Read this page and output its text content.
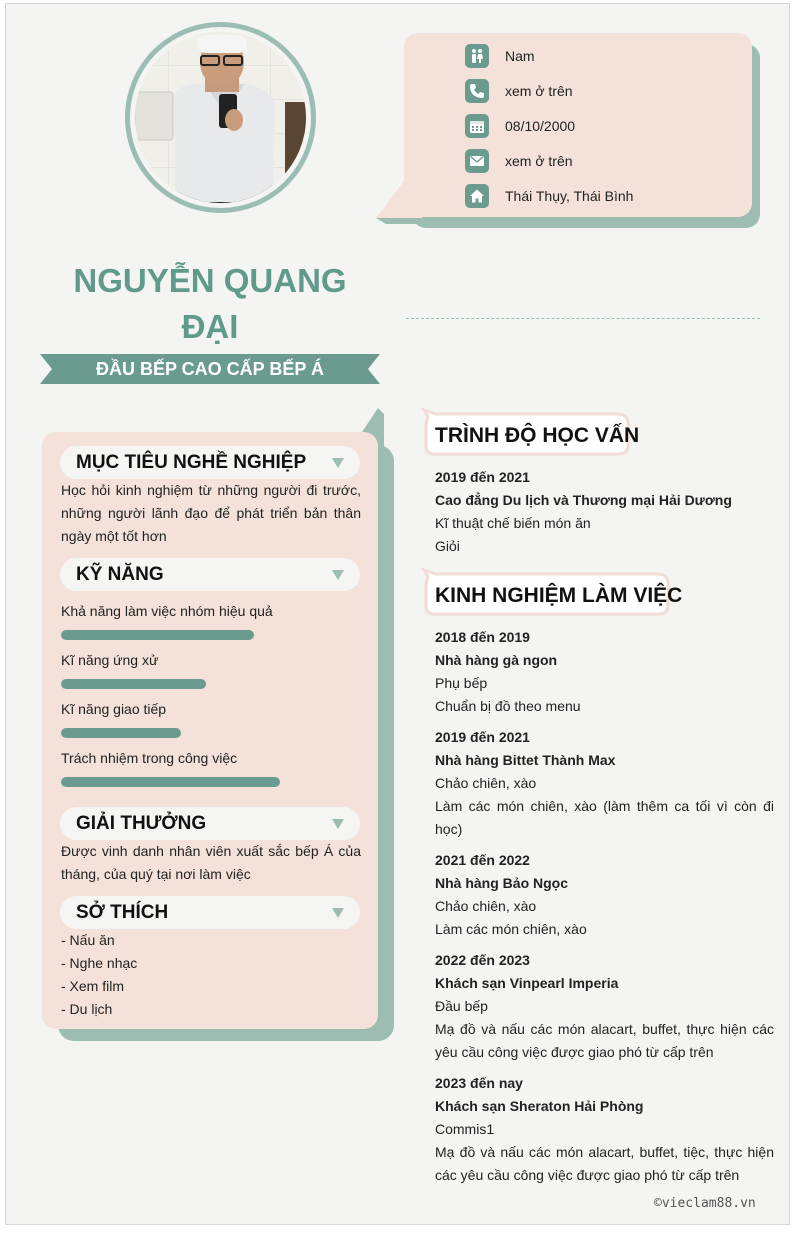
Nam
xem ở trên
08/10/2000
xem ở trên
Thái Thụy, Thái Bình
NGUYỄN QUANG
ĐẠI
ĐẦU BẾP CAO CẤP BẾP Á
MỤC TIÊU NGHỀ NGHIỆP
Học hỏi kinh nghiệm từ những người đi trước, những người lãnh đạo để phát triển bản thân ngày một tốt hơn
KỸ NĂNG
Khả năng làm việc nhóm hiệu quả
Kĩ năng ứng xử
Kĩ năng giao tiếp
Trách nhiệm trong công việc
GIẢI THƯỞNG
Được vinh danh nhân viên xuất sắc bếp Á của tháng, của quý tại nơi làm việc
SỞ THÍCH
- Nấu ăn
- Nghe nhạc
- Xem film
- Du lịch
TRÌNH ĐỘ HỌC VẤN
2019 đến 2021
Cao đẳng Du lịch và Thương mại Hải Dương
Kĩ thuật chế biến món ăn
Giỏi
KINH NGHIỆM LÀM VIỆC
2018 đến 2019
Nhà hàng gà ngon
Phụ bếp
Chuẩn bị đồ theo menu
2019 đến 2021
Nhà hàng Bittet Thành Max
Chảo chiên, xào
Làm các món chiên, xào (làm thêm ca tối vì còn đi học)
2021 đến 2022
Nhà hàng Bảo Ngọc
Chảo chiên, xào
Làm các món chiên, xào
2022 đến 2023
Khách sạn Vinpearl Imperia
Đầu bếp
Mạ đồ và nấu các món alacart, buffet, thực hiện các yêu cầu công việc được giao phó từ cấp trên
2023 đến nay
Khách sạn Sheraton Hải Phòng
Commis1
Mạ đồ và nấu các món alacart, buffet, tiệc, thực hiện các yêu cầu công việc được giao phó từ cấp trên
©vieclam88.vn
